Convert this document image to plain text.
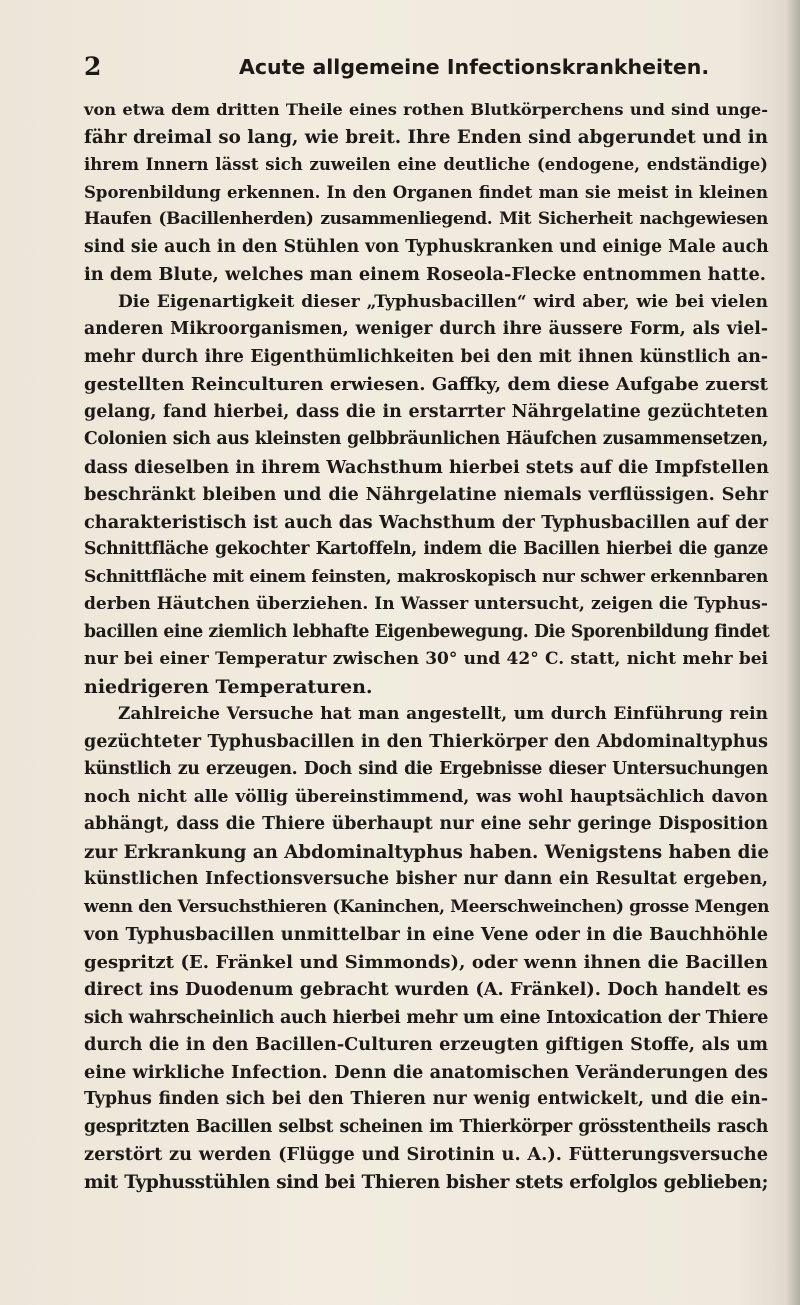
2	Acute allgemeine Infectionskrankheiten.
von etwa dem dritten Theile eines rothen Blutkörperchens und sind unge-
fähr dreimal so lang, wie breit. Ihre Enden sind abgerundet und in
ihrem Innern lässt sich zuweilen eine deutliche (endogene, endständige)
Sporenbildung erkennen. In den Organen findet man sie meist in kleinen
Haufen (Bacillenherden) zusammenliegend. Mit Sicherheit nachgewiesen
sind sie auch in den Stühlen von Typhuskranken und einige Male auch
in dem Blute, welches man einem Roseola-Flecke entnommen hatte.
Die Eigenartigkeit dieser „Typhusbacillen“ wird aber, wie bei vielen
anderen Mikroorganismen, weniger durch ihre äussere Form, als viel-
mehr durch ihre Eigenthümlichkeiten bei den mit ihnen künstlich an-
gestellten Reinculturen erwiesen. Gaffky, dem diese Aufgabe zuerst
gelang, fand hierbei, dass die in erstarrter Nährgelatine gezüchteten
Colonien sich aus kleinsten gelbbräunlichen Häufchen zusammensetzen,
dass dieselben in ihrem Wachsthum hierbei stets auf die Impfstellen
beschränkt bleiben und die Nährgelatine niemals verflüssigen. Sehr
charakteristisch ist auch das Wachsthum der Typhusbacillen auf der
Schnittfläche gekochter Kartoffeln, indem die Bacillen hierbei die ganze
Schnittfläche mit einem feinsten, makroskopisch nur schwer erkennbaren
derben Häutchen überziehen. In Wasser untersucht, zeigen die Typhus-
bacillen eine ziemlich lebhafte Eigenbewegung. Die Sporenbildung findet
nur bei einer Temperatur zwischen 30° und 42° C. statt, nicht mehr bei
niedrigeren Temperaturen.
Zahlreiche Versuche hat man angestellt, um durch Einführung rein
gezüchteter Typhusbacillen in den Thierkörper den Abdominaltyphus
künstlich zu erzeugen. Doch sind die Ergebnisse dieser Untersuchungen
noch nicht alle völlig übereinstimmend, was wohl hauptsächlich davon
abhängt, dass die Thiere überhaupt nur eine sehr geringe Disposition
zur Erkrankung an Abdominaltyphus haben. Wenigstens haben die
künstlichen Infectionsversuche bisher nur dann ein Resultat ergeben,
wenn den Versuchsthieren (Kaninchen, Meerschweinchen) grosse Mengen
von Typhusbacillen unmittelbar in eine Vene oder in die Bauchhöhle
gespritzt (E. Fränkel und Simmonds), oder wenn ihnen die Bacillen
direct ins Duodenum gebracht wurden (A. Fränkel). Doch handelt es
sich wahrscheinlich auch hierbei mehr um eine Intoxication der Thiere
durch die in den Bacillen-Culturen erzeugten giftigen Stoffe, als um
eine wirkliche Infection. Denn die anatomischen Veränderungen des
Typhus finden sich bei den Thieren nur wenig entwickelt, und die ein-
gespritzten Bacillen selbst scheinen im Thierkörper grösstentheils rasch
zerstört zu werden (Flügge und Sirotinin u. A.). Fütterungsversuche
mit Typhusstühlen sind bei Thieren bisher stets erfolglos geblieben;
